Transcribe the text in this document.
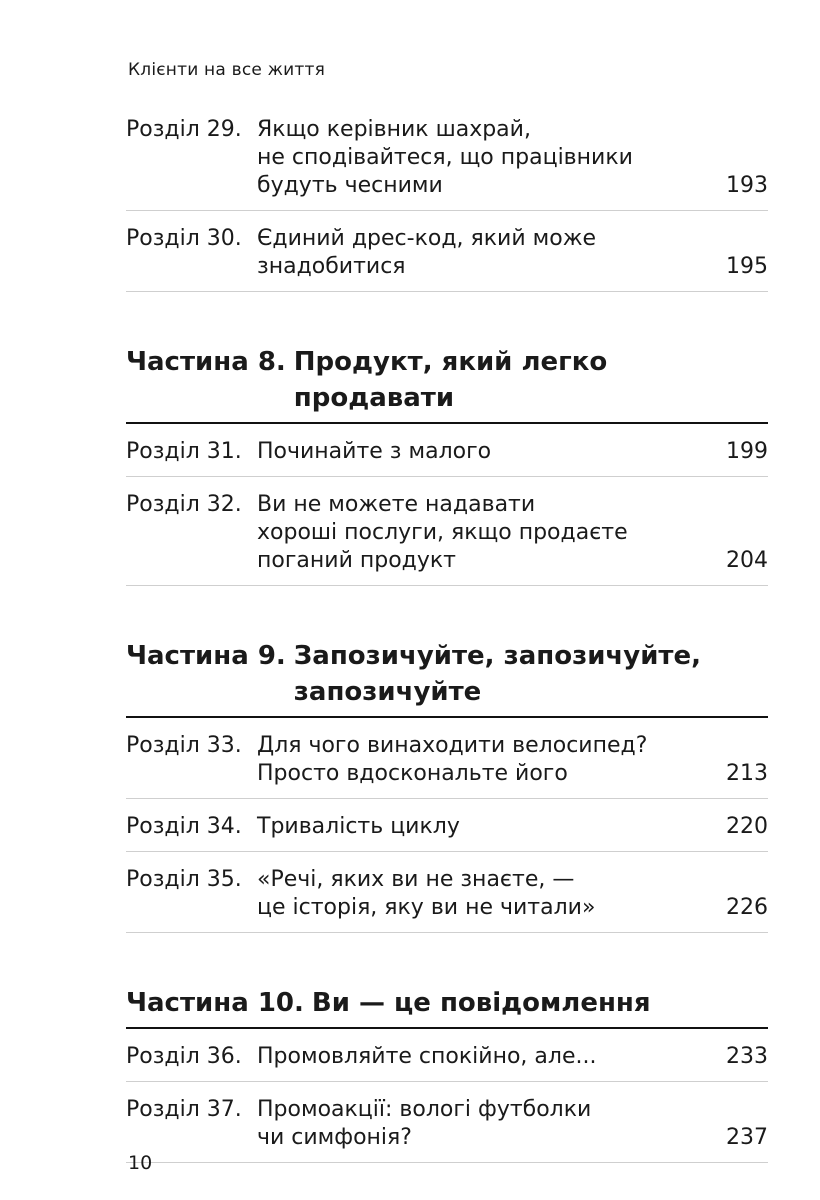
Клієнти на все життя
Розділ 29. Якщо керівник шахрай,
не сподівайтеся, що працівники
будуть чесними	193
Розділ 30. Єдиний дрес-код, який може
знадобитися	195
Частина 8. Продукт, який легко продавати
Розділ 31. Починайте з малого	199
Розділ 32. Ви не можете надавати
хороші послуги, якщо продаєте
поганий продукт	204
Частина 9. Запозичуйте, запозичуйте,
запозичуйте
Розділ 33. Для чого винаходити велосипед?
Просто вдоскональте його	213
Розділ 34. Тривалість циклу	220
Розділ 35. «Речі, яких ви не знаєте, —
це історія, яку ви не читали»	226
Частина 10. Ви — це повідомлення
Розділ 36. Промовляйте спокійно, але...	233
Розділ 37. Промоакції: вологі футболки
чи симфонія?	237
10
